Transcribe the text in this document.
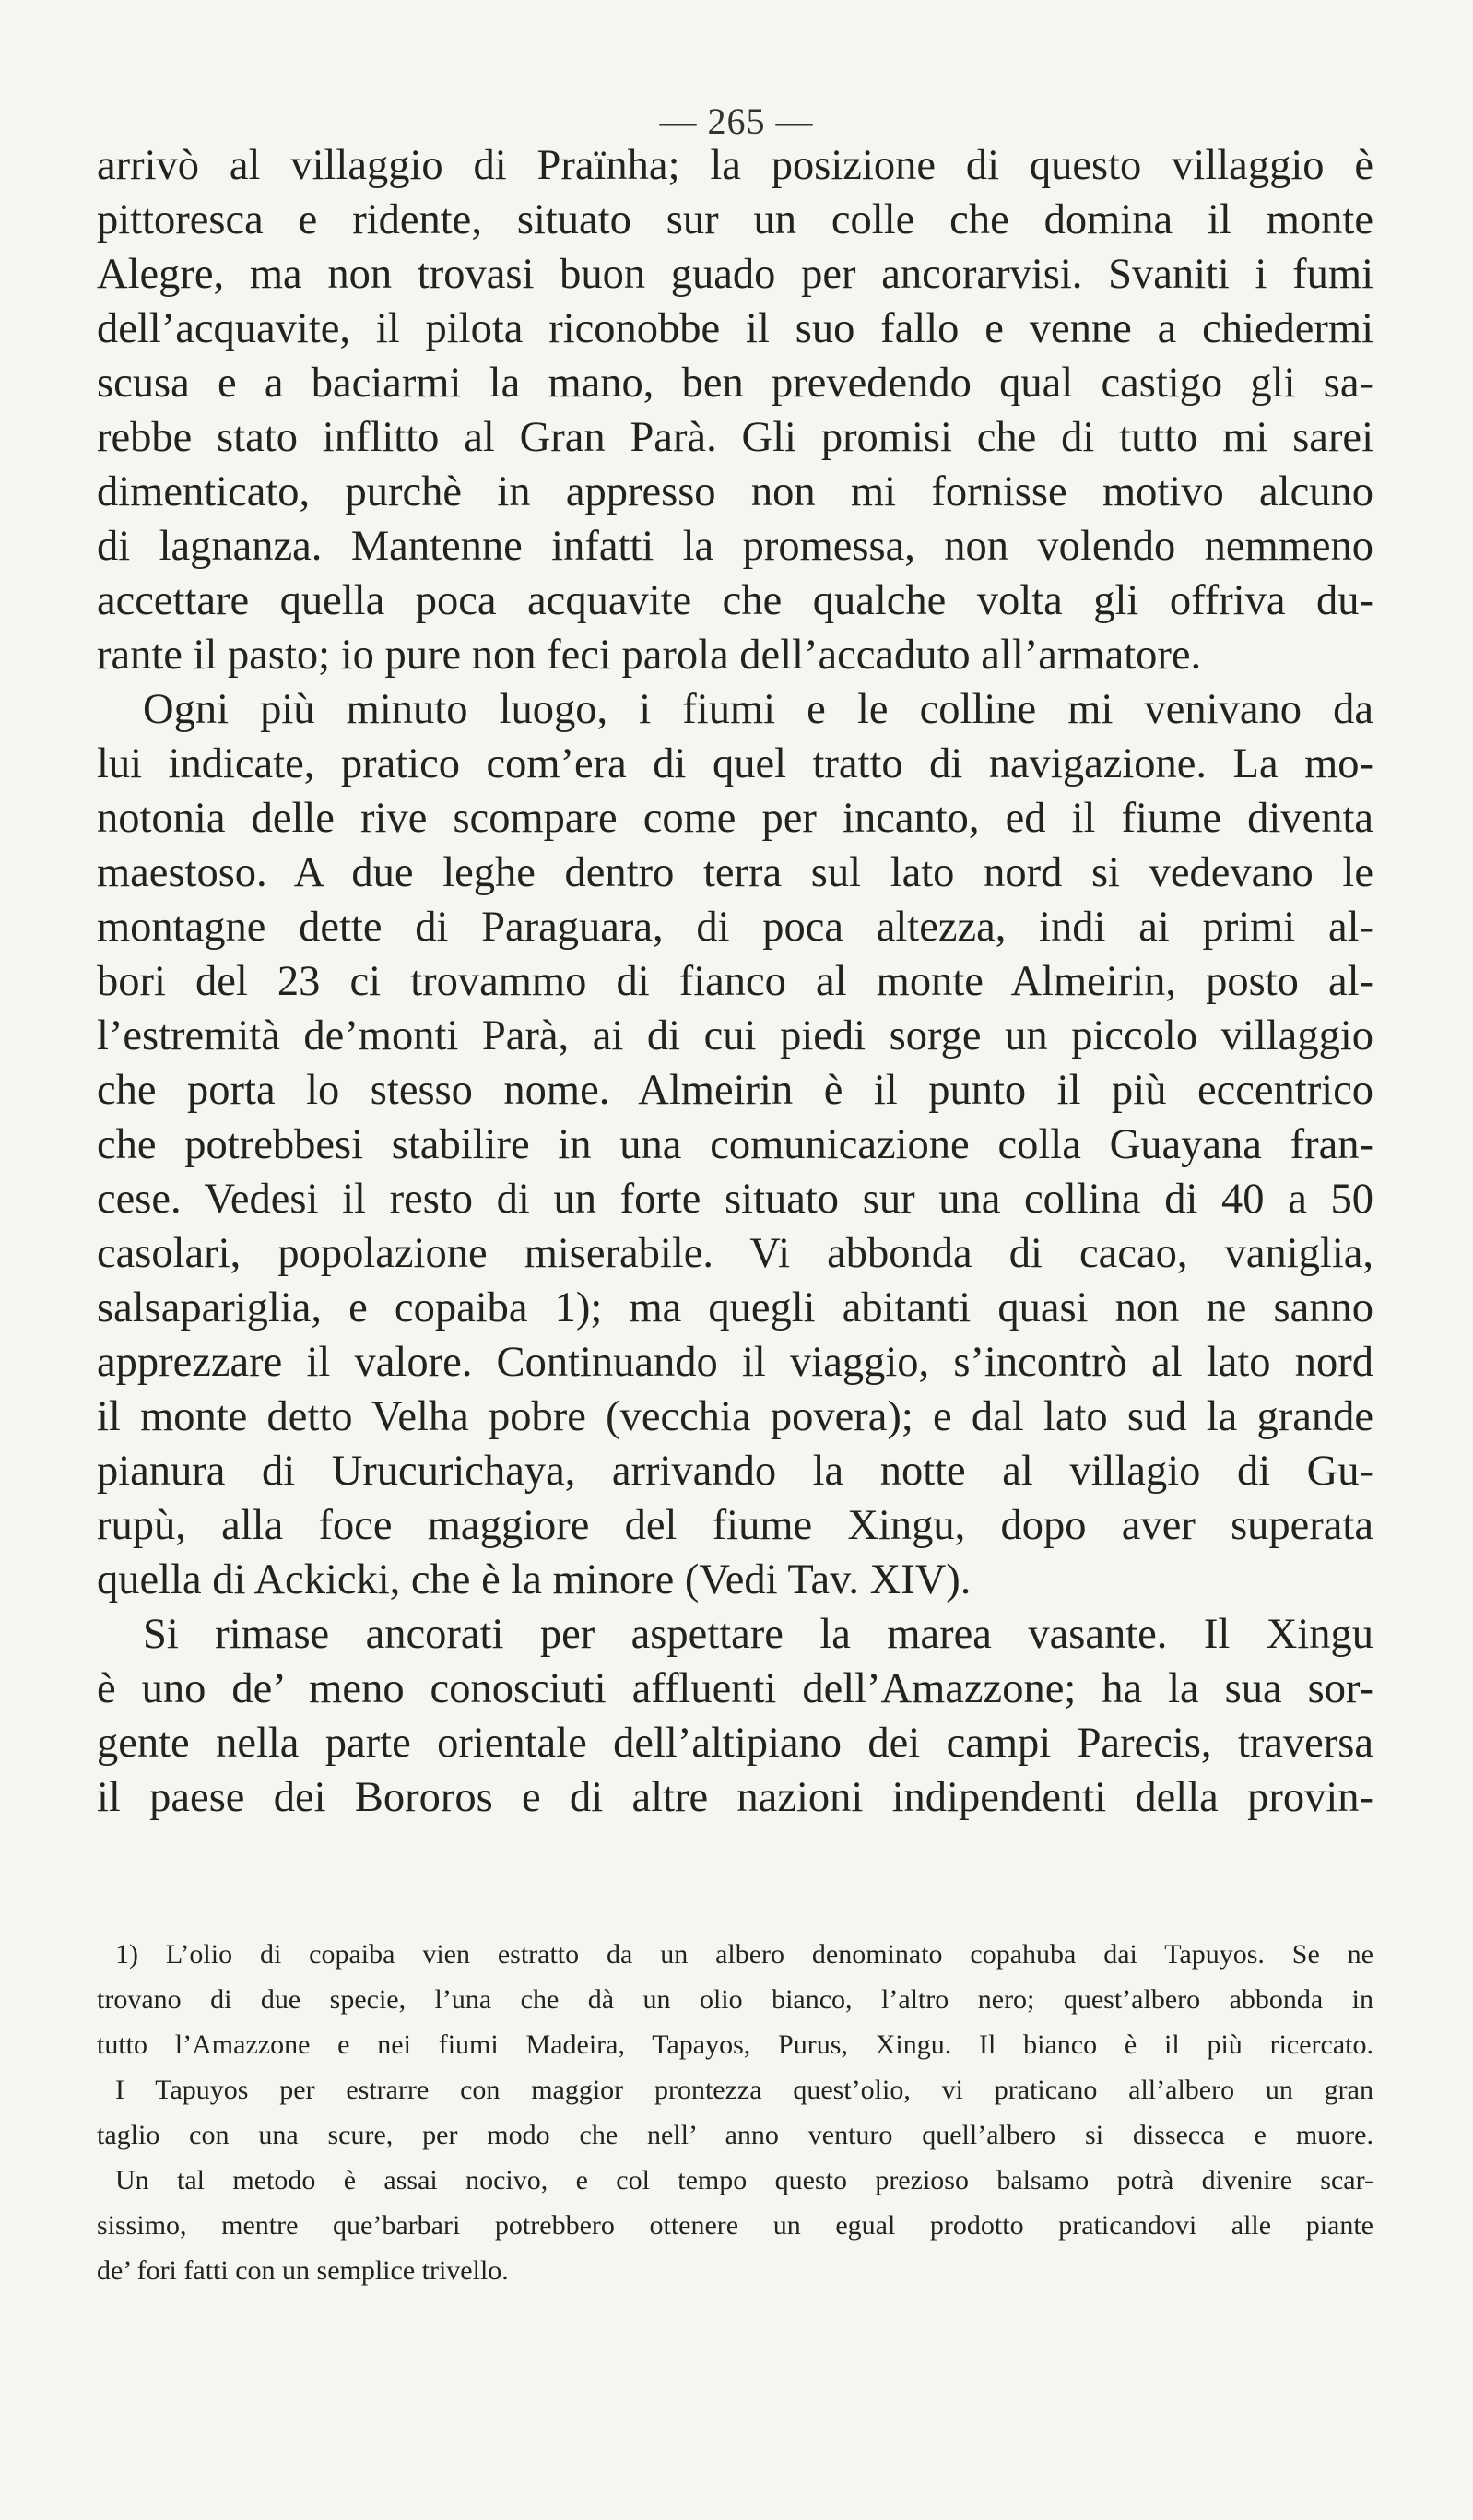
— 265 —
arrivò al villaggio di Praïnha; la posizione di questo villaggio è
pittoresca e ridente, situato sur un colle che domina il monte
Alegre, ma non trovasi buon guado per ancorarvisi. Svaniti i fumi
dell’acquavite, il pilota riconobbe il suo fallo e venne a chiedermi
scusa e a baciarmi la mano, ben prevedendo qual castigo gli sa-
rebbe stato inflitto al Gran Parà. Gli promisi che di tutto mi sarei
dimenticato, purchè in appresso non mi fornisse motivo alcuno
di lagnanza. Mantenne infatti la promessa, non volendo nemmeno
accettare quella poca acquavite che qualche volta gli offriva du-
rante il pasto; io pure non feci parola dell’accaduto all’armatore.
Ogni più minuto luogo, i fiumi e le colline mi venivano da
lui indicate, pratico com’era di quel tratto di navigazione. La mo-
notonia delle rive scompare come per incanto, ed il fiume diventa
maestoso. A due leghe dentro terra sul lato nord si vedevano le
montagne dette di Paraguara, di poca altezza, indi ai primi al-
bori del 23 ci trovammo di fianco al monte Almeirin, posto al-
l’estremità de’monti Parà, ai di cui piedi sorge un piccolo villaggio
che porta lo stesso nome. Almeirin è il punto il più eccentrico
che potrebbesi stabilire in una comunicazione colla Guayana fran-
cese. Vedesi il resto di un forte situato sur una collina di 40 a 50
casolari, popolazione miserabile. Vi abbonda di cacao, vaniglia,
salsapariglia, e copaiba 1); ma quegli abitanti quasi non ne sanno
apprezzare il valore. Continuando il viaggio, s’incontrò al lato nord
il monte detto Velha pobre (vecchia povera); e dal lato sud la grande
pianura di Urucurichaya, arrivando la notte al villagio di Gu-
rupù, alla foce maggiore del fiume Xingu, dopo aver superata
quella di Ackicki, che è la minore (Vedi Tav. XIV).
Si rimase ancorati per aspettare la marea vasante. Il Xingu
è uno de’ meno conosciuti affluenti dell’Amazzone; ha la sua sor-
gente nella parte orientale dell’altipiano dei campi Parecis, traversa
il paese dei Bororos e di altre nazioni indipendenti della provin-
1) L’olio di copaiba vien estratto da un albero denominato copahuba dai Tapuyos. Se ne
trovano di due specie, l’una che dà un olio bianco, l’altro nero; quest’albero abbonda in
tutto l’Amazzone e nei fiumi Madeira, Tapayos, Purus, Xingu. Il bianco è il più ricercato.
I Tapuyos per estrarre con maggior prontezza quest’olio, vi praticano all’albero un gran
taglio con una scure, per modo che nell’ anno venturo quell’albero si dissecca e muore.
Un tal metodo è assai nocivo, e col tempo questo prezioso balsamo potrà divenire scar-
sissimo, mentre que’barbari potrebbero ottenere un egual prodotto praticandovi alle piante
de’ fori fatti con un semplice trivello.
